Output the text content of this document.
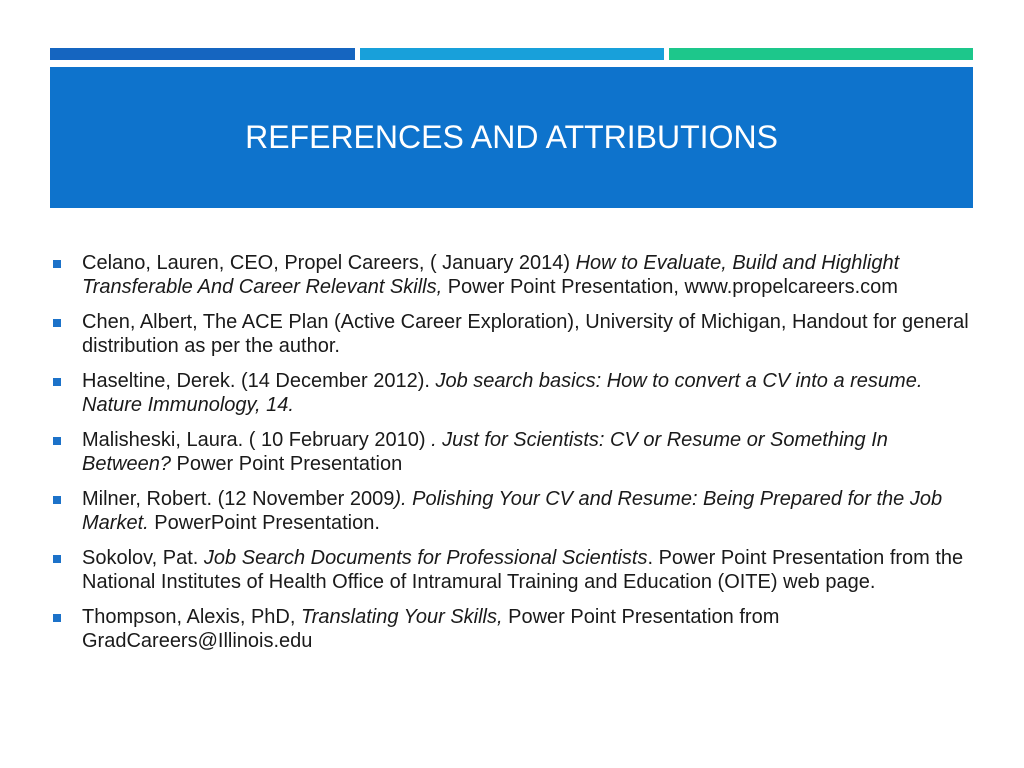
REFERENCES AND ATTRIBUTIONS
Celano, Lauren, CEO, Propel Careers, ( January 2014) How to Evaluate, Build and Highlight Transferable And Career Relevant Skills, Power Point Presentation, www.propelcareers.com
Chen, Albert, The ACE Plan (Active Career Exploration), University of Michigan, Handout for general distribution as per the author.
Haseltine, Derek. (14 December 2012). Job search basics: How to convert a CV into a resume. Nature Immunology, 14.
Malisheski, Laura. ( 10 February 2010) . Just for Scientists: CV or Resume or Something In Between? Power Point Presentation
Milner, Robert. (12 November 2009). Polishing Your CV and Resume: Being Prepared for the Job Market. PowerPoint Presentation.
Sokolov, Pat. Job Search Documents for Professional Scientists. Power Point Presentation from the National Institutes of Health Office of Intramural Training and Education (OITE) web page.
Thompson, Alexis, PhD, Translating Your Skills, Power Point Presentation from GradCareers@Illinois.edu
